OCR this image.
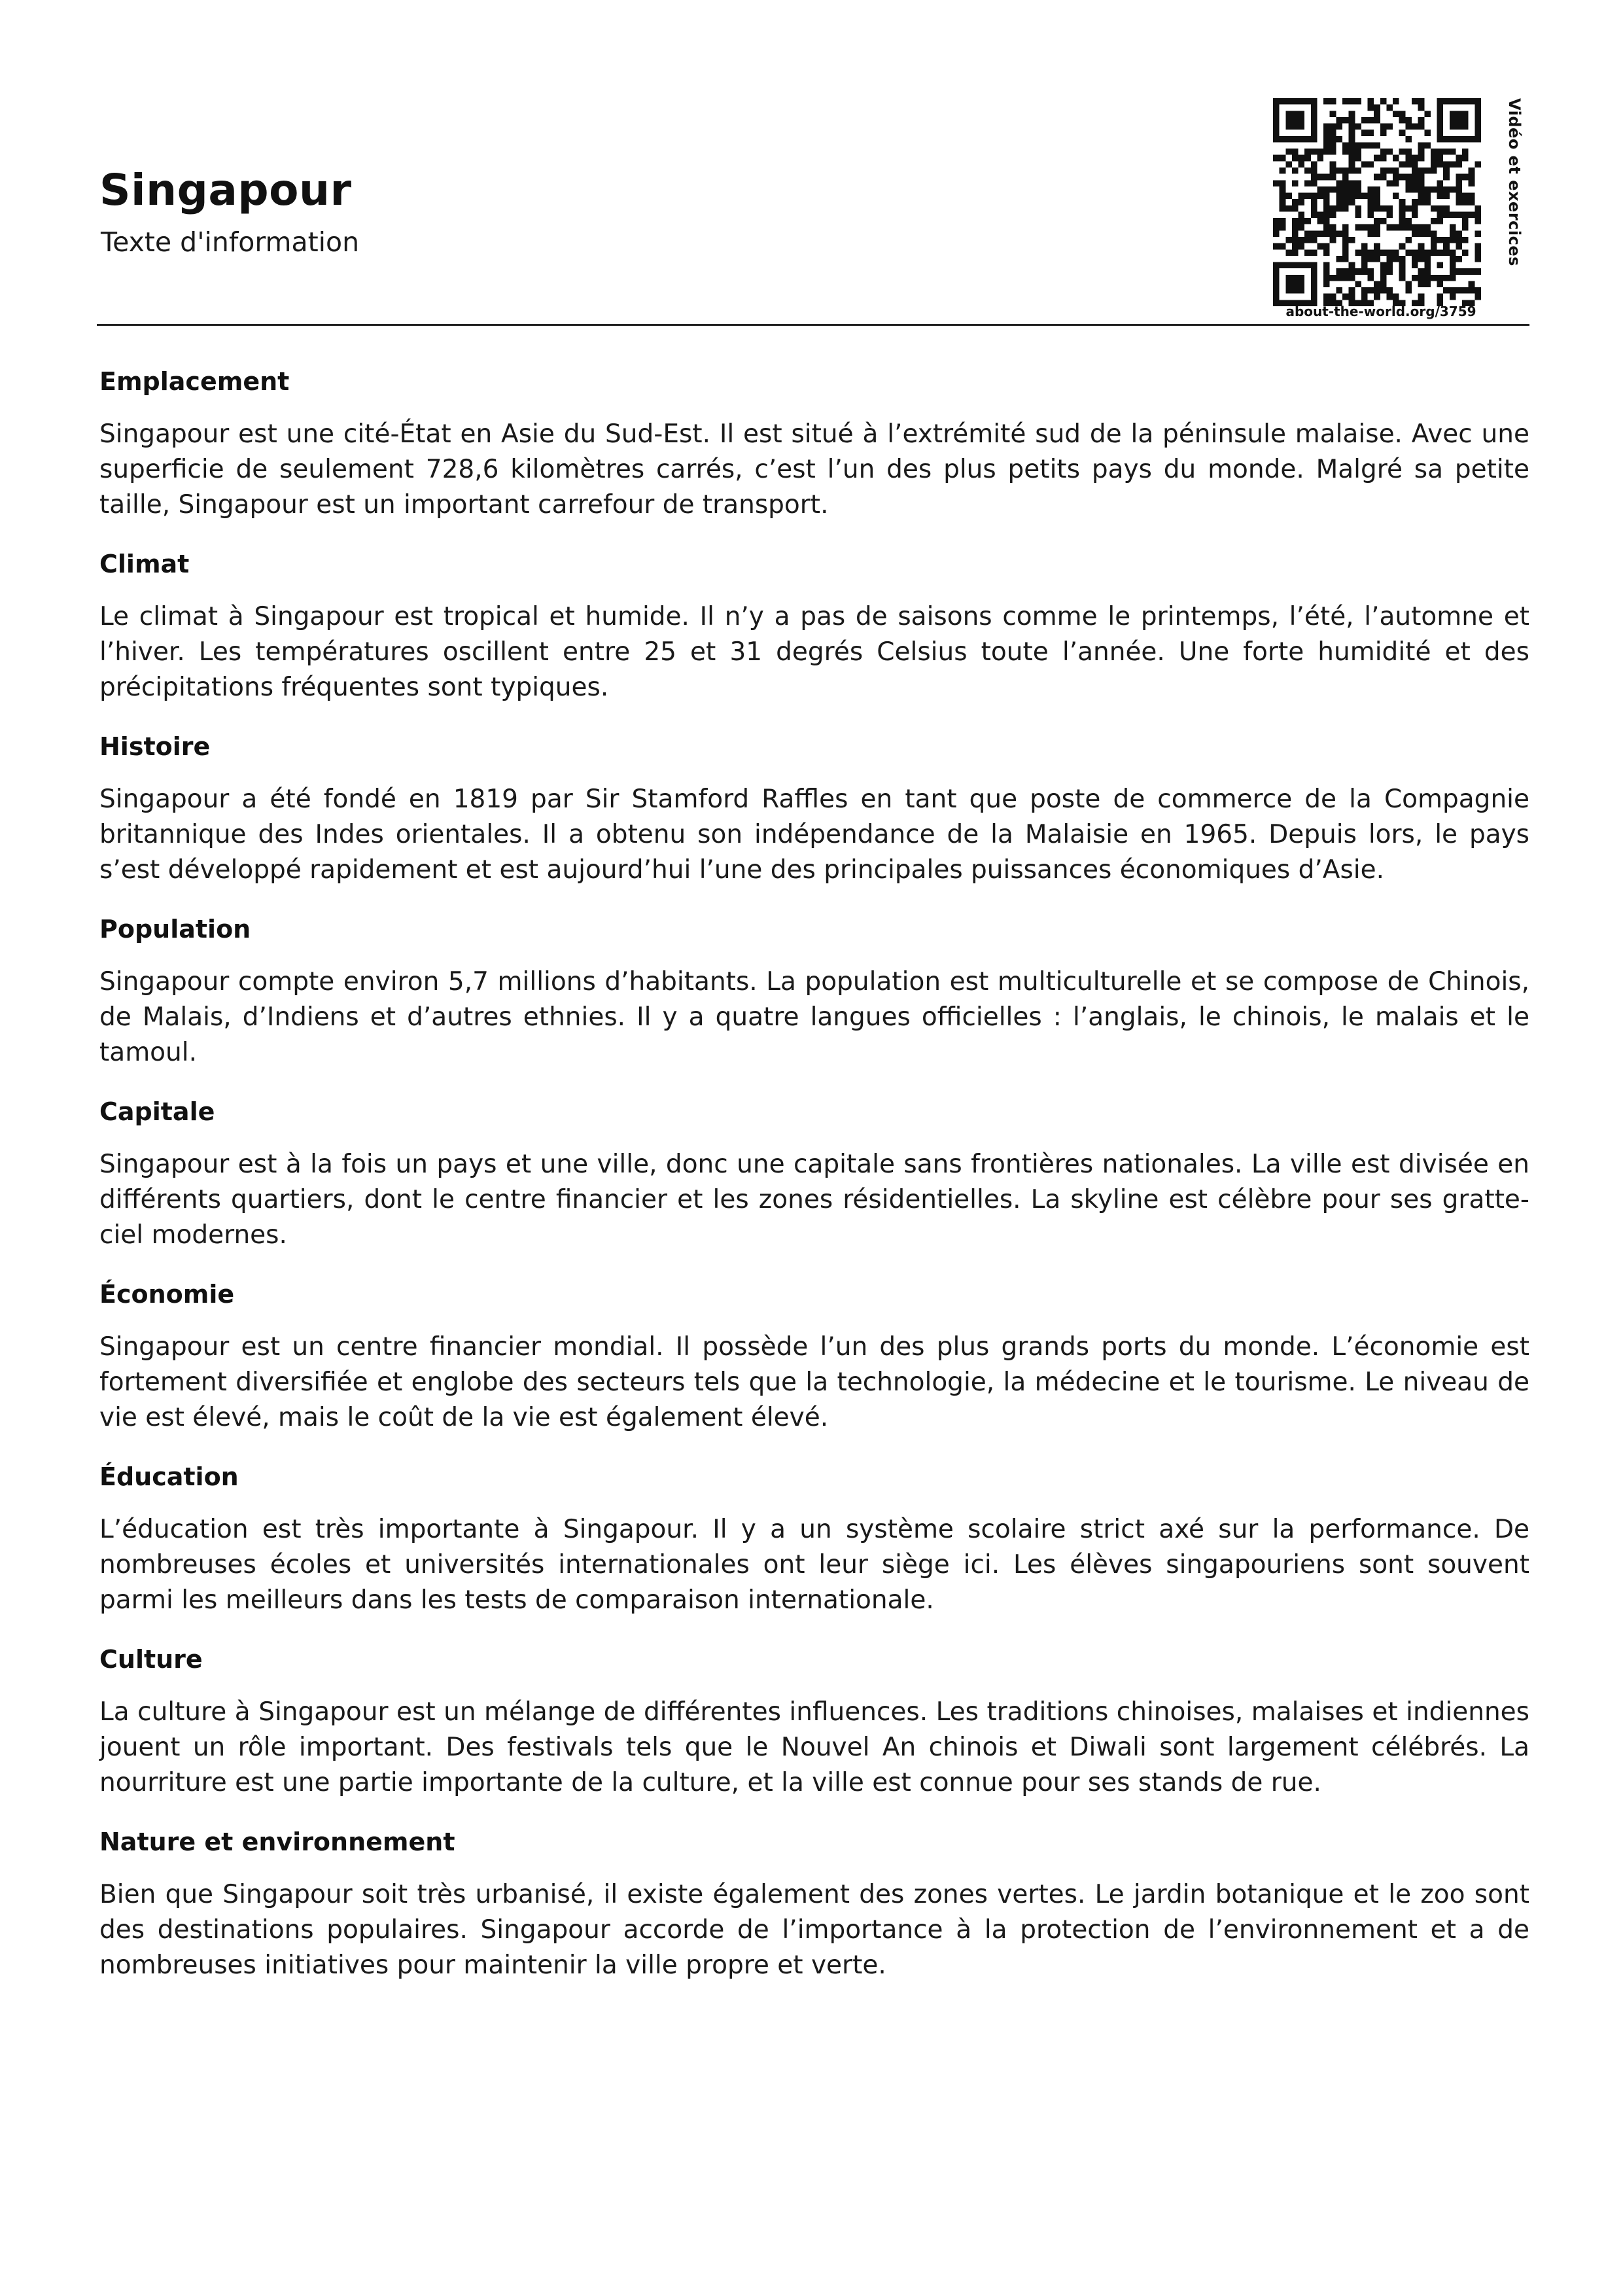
Singapour
Texte d'information
about-the-world.org/3759
Vidéo et exercices
Emplacement

Singapour est une cité-État en Asie du Sud-Est. Il est situé à l’extrémité sud de la péninsule malaise. Avec une superficie de seulement 728,6 kilomètres carrés, c’est l’un des plus petits pays du monde. Malgré sa petite taille, Singapour est un important carrefour de transport.

Climat

Le climat à Singapour est tropical et humide. Il n’y a pas de saisons comme le printemps, l’été, l’automne et l’hiver. Les températures oscillent entre 25 et 31 degrés Celsius toute l’année. Une forte humidité et des précipitations fréquentes sont typiques.

Histoire

Singapour a été fondé en 1819 par Sir Stamford Raffles en tant que poste de commerce de la Compagnie britannique des Indes orientales. Il a obtenu son indépendance de la Malaisie en 1965. Depuis lors, le pays s’est développé rapidement et est aujourd’hui l’une des principales puissances économiques d’Asie.

Population

Singapour compte environ 5,7 millions d’habitants. La population est multiculturelle et se compose de Chinois, de Malais, d’Indiens et d’autres ethnies. Il y a quatre langues officielles : l’anglais, le chinois, le malais et le tamoul.

Capitale

Singapour est à la fois un pays et une ville, donc une capitale sans frontières nationales. La ville est divisée en différents quartiers, dont le centre financier et les zones résidentielles. La skyline est célèbre pour ses gratte-ciel modernes.

Économie

Singapour est un centre financier mondial. Il possède l’un des plus grands ports du monde. L’économie est fortement diversifiée et englobe des secteurs tels que la technologie, la médecine et le tourisme. Le niveau de vie est élevé, mais le coût de la vie est également élevé.

Éducation

L’éducation est très importante à Singapour. Il y a un système scolaire strict axé sur la performance. De nombreuses écoles et universités internationales ont leur siège ici. Les élèves singapouriens sont souvent parmi les meilleurs dans les tests de comparaison internationale.

Culture

La culture à Singapour est un mélange de différentes influences. Les traditions chinoises, malaises et indiennes jouent un rôle important. Des festivals tels que le Nouvel An chinois et Diwali sont largement célébrés. La nourriture est une partie importante de la culture, et la ville est connue pour ses stands de rue.

Nature et environnement

Bien que Singapour soit très urbanisé, il existe également des zones vertes. Le jardin botanique et le zoo sont des destinations populaires. Singapour accorde de l’importance à la protection de l’environnement et a de nombreuses initiatives pour maintenir la ville propre et verte.
